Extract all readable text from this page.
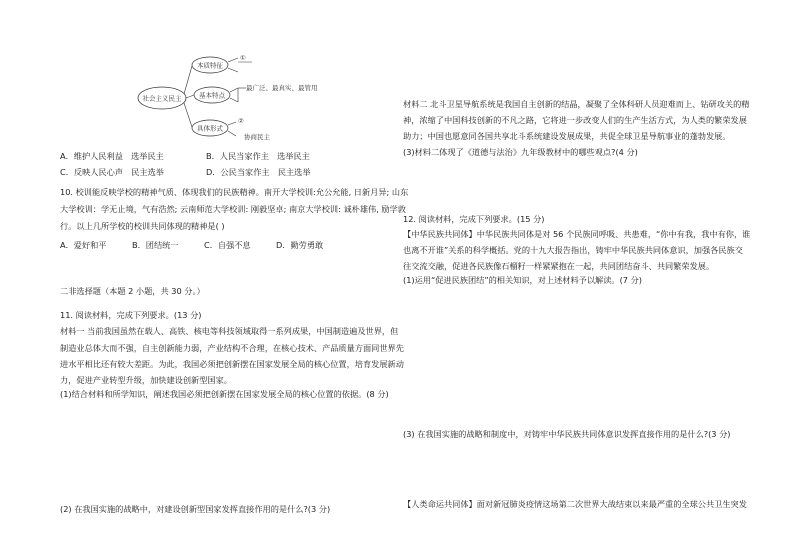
社会主义民主
本质特征
①
基本特点
最广泛、最真实、最管用
具体形式
②
协商民主
A．维护人民利益　选举民主	B．人民当家作主　选举民主
C．反映人民心声　民主选举	D．公民当家作主　民主选举
10. 校训能反映学校的精神气质、体现我们的民族精神。南开大学校训:允公允能, 日新月异; 山东
大学校训：学无止境，气有浩然; 云南师范大学校训: 刚毅坚卓; 南京大学校训: 诚朴雄伟, 励学敦
行。以上几所学校的校训共同体现的精神是( )
A．爱好和平	B．团结统一	C．自强不息	D．勤劳勇敢
二非选择题（本题 2 小题，共 30 分。）
11. 阅读材料，完成下列要求。(13 分)
材料一 当前我国虽然在载人、高铁、核电等科技领域取得一系列成果，中国制造遍及世界，但
制造业总体大而不强，自主创新能力弱，产业结构不合理，在核心技术、产品质量方面同世界先
进水平相比还有较大差距。为此，我国必须把创新摆在国家发展全局的核心位置，培育发展新动
力，促进产业转型升级，加快建设创新型国家。
(1)结合材料和所学知识，阐述我国必须把创新摆在国家发展全局的核心位置的依据。(8 分)
(2) 在我国实施的战略中，对建设创新型国家发挥直接作用的是什么?(3 分)
材料二 北斗卫星导航系统是我国自主创新的结晶，凝聚了全体科研人员迎难而上、钻研攻关的精
神，浓缩了中国科技创新的不凡之路，它将进一步改变人们的生产生活方式，为人类的繁荣发展
助力；中国也愿意同各国共享北斗系统建设发展成果，共促全球卫星导航事业的蓬勃发展。
(3)材料二体现了《道德与法治》九年级教材中的哪些观点?(4 分)
12. 阅读材料，完成下列要求。(15 分)
【中华民族共同体】中华民族共同体是对 56 个民族同呼吸、共患难，“你中有我，我中有你，谁
也离不开谁”关系的科学概括。党的十九大报告指出，铸牢中华民族共同体意识，加强各民族交
往交流交融，促进各民族像石榴籽一样紧紧抱在一起，共同团结奋斗、共同繁荣发展。
(1)运用“促进民族团结”的相关知识，对上述材料予以解读。(7 分)
(3) 在我国实施的战略和制度中，对铸牢中华民族共同体意识发挥直接作用的是什么?(3 分)
【人类命运共同体】面对新冠肺炎疫情这场第二次世界大战结束以来最严重的全球公共卫生突发
